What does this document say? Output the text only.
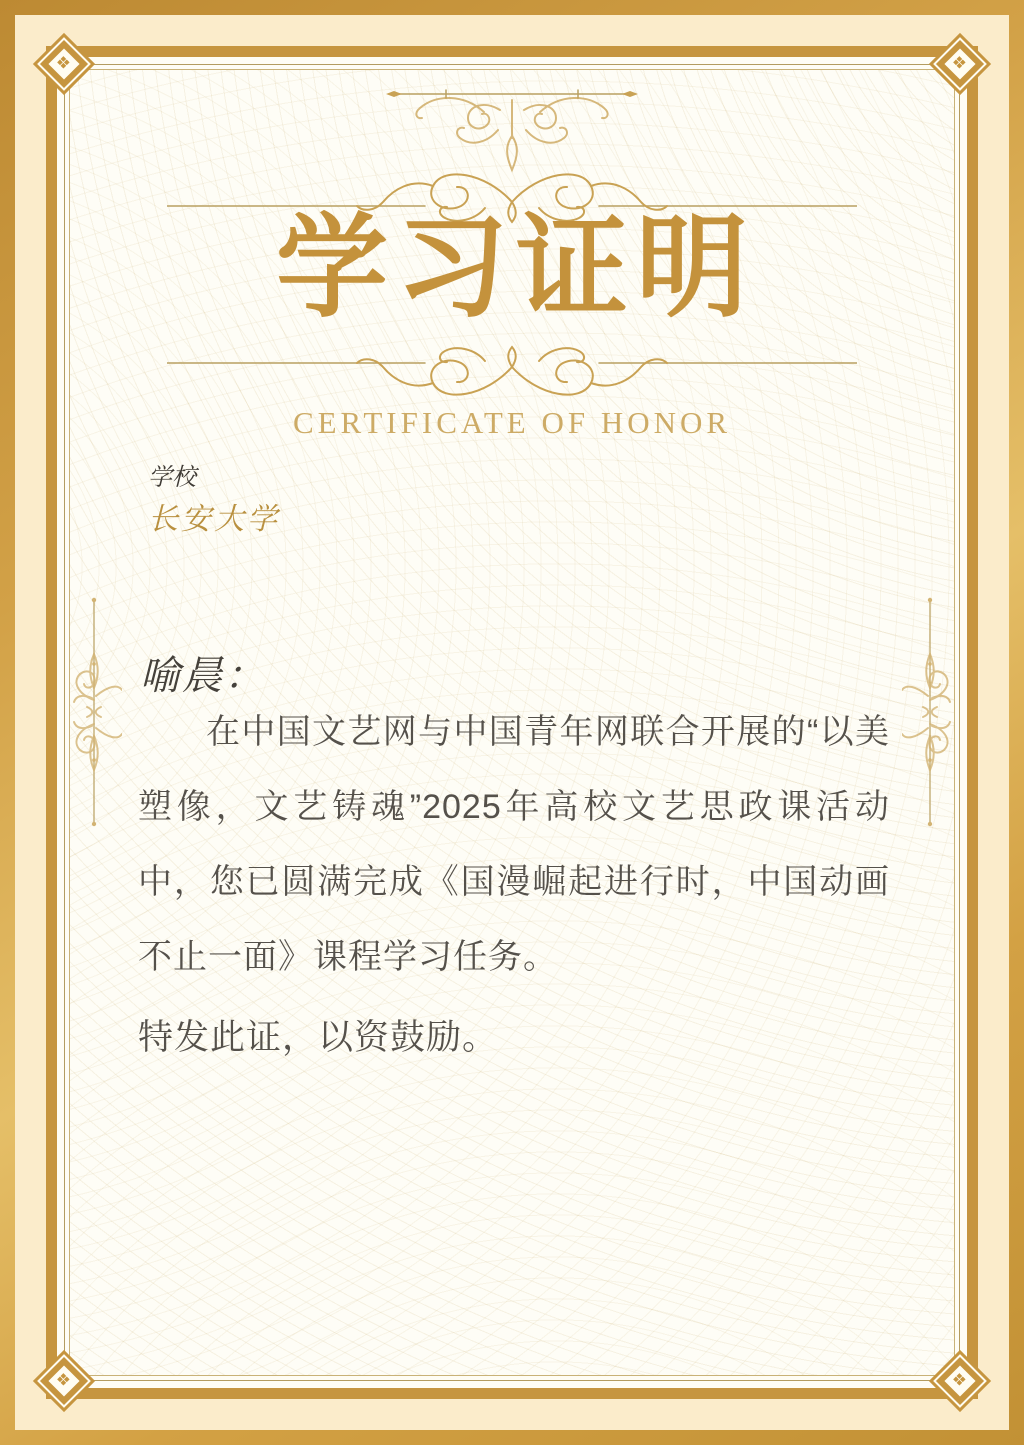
❖	❖
❖	❖
学习证明
CERTIFICATE OF HONOR
学校
长安大学
喻晨：
在中国文艺网与中国青年网联合开展的“以美塑像，文艺铸魂”2025年高校文艺思政课活动中，您已圆满完成《国漫崛起进行时，中国动画不止一面》课程学习任务。
特发此证，以资鼓励。
